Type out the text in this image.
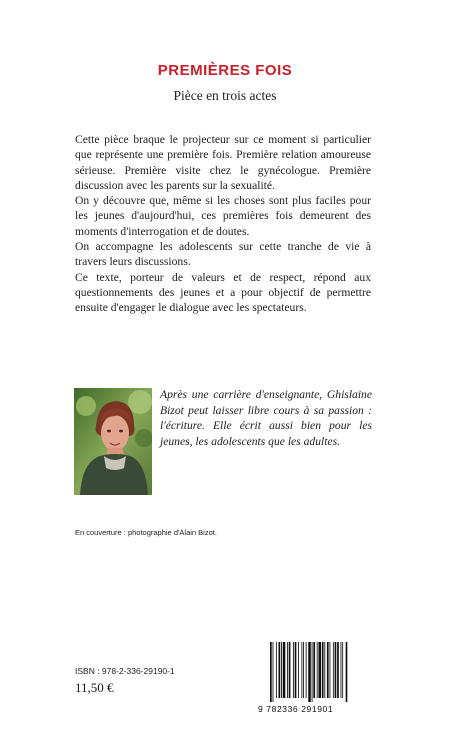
PREMIÈRES FOIS
Pièce en trois actes

Cette pièce braque le projecteur sur ce moment si particulier que représente une première fois. Première relation amoureuse sérieuse. Première visite chez le gynécologue. Première discussion avec les parents sur la sexualité.

On y découvre que, même si les choses sont plus faciles pour les jeunes d'aujourd'hui, ces premières fois demeurent des moments d'interrogation et de doutes.

On accompagne les adolescents sur cette tranche de vie à travers leurs discussions.

Ce texte, porteur de valeurs et de respect, répond aux questionnements des jeunes et a pour objectif de permettre ensuite d'engager le dialogue avec les spectateurs.

Après une carrière d'enseignante, Ghislaine Bizot peut laisser libre cours à sa passion : l'écriture. Elle écrit aussi bien pour les jeunes, les adolescents que les adultes.
En couverture : photographie d'Alain Bizot.
ISBN : 978-2-336-29190-1
11,50 €
9 782336 291901
